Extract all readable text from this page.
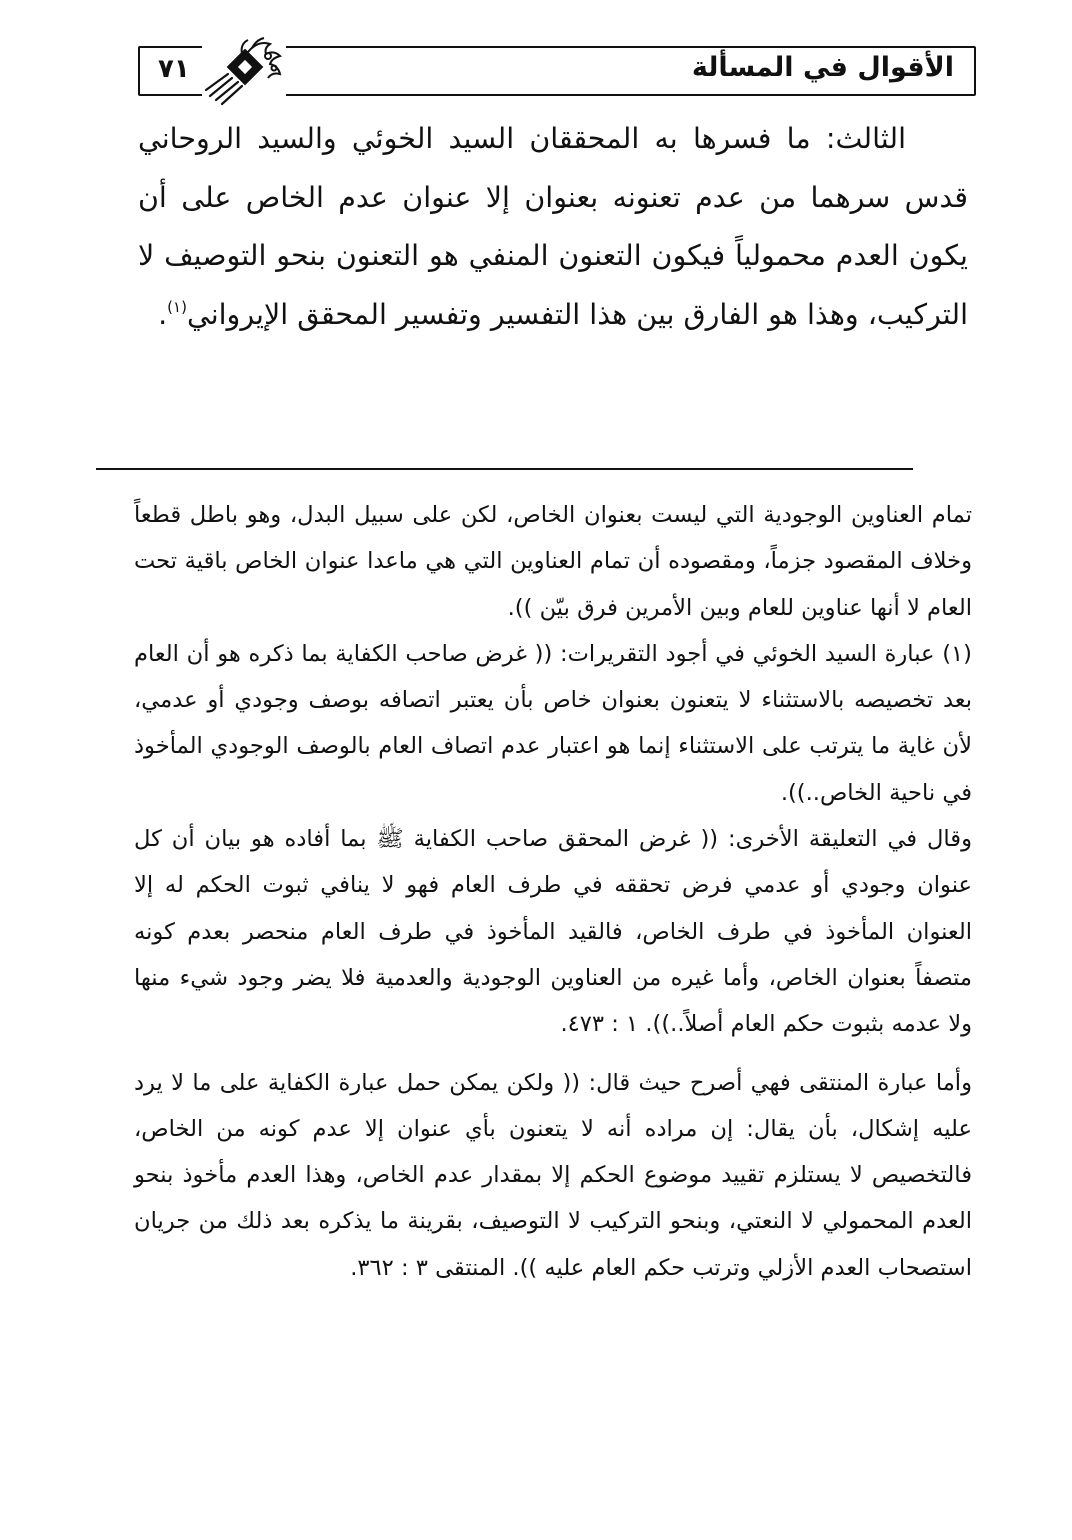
الأقوال في المسألة
٧١

الثالث: ما فسرها به المحققان السيد الخوئي والسيد الروحاني قدس سرهما من عدم تعنونه بعنوان إلا عنوان عدم الخاص على أن يكون العدم محمولياً فيكون التعنون المنفي هو التعنون بنحو التوصيف لا التركيب، وهذا هو الفارق بين هذا التفسير وتفسير المحقق الإيرواني$^{(١)}$.

تمام العناوين الوجودية التي ليست بعنوان الخاص، لكن على سبيل البدل، وهو باطل قطعاً وخلاف المقصود جزماً، ومقصوده أن تمام العناوين التي هي ماعدا عنوان الخاص باقية تحت العام لا أنها عناوين للعام وبين الأمرين فرق بيّن )).

(١) عبارة السيد الخوئي في أجود التقريرات: (( غرض صاحب الكفاية بما ذكره هو أن العام بعد تخصيصه بالاستثناء لا يتعنون بعنوان خاص بأن يعتبر اتصافه بوصف وجودي أو عدمي، لأن غاية ما يترتب على الاستثناء إنما هو اعتبار عدم اتصاف العام بالوصف الوجودي المأخوذ في ناحية الخاص..)).

وقال في التعليقة الأخرى: (( غرض المحقق صاحب الكفاية ﷺ بما أفاده هو بيان أن كل عنوان وجودي أو عدمي فرض تحققه في طرف العام فهو لا ينافي ثبوت الحكم له إلا العنوان المأخوذ في طرف الخاص، فالقيد المأخوذ في طرف العام منحصر بعدم كونه متصفاً بعنوان الخاص، وأما غيره من العناوين الوجودية والعدمية فلا يضر وجود شيء منها ولا عدمه بثبوت حكم العام أصلاً..)). ١ : ٤٧٣.

وأما عبارة المنتقى فهي أصرح حيث قال: (( ولكن يمكن حمل عبارة الكفاية على ما لا يرد عليه إشكال، بأن يقال: إن مراده أنه لا يتعنون بأي عنوان إلا عدم كونه من الخاص، فالتخصيص لا يستلزم تقييد موضوع الحكم إلا بمقدار عدم الخاص، وهذا العدم مأخوذ بنحو العدم المحمولي لا النعتي، وبنحو التركيب لا التوصيف، بقرينة ما يذكره بعد ذلك من جريان استصحاب العدم الأزلي وترتب حكم العام عليه )). المنتقى ٣ : ٣٦٢.
